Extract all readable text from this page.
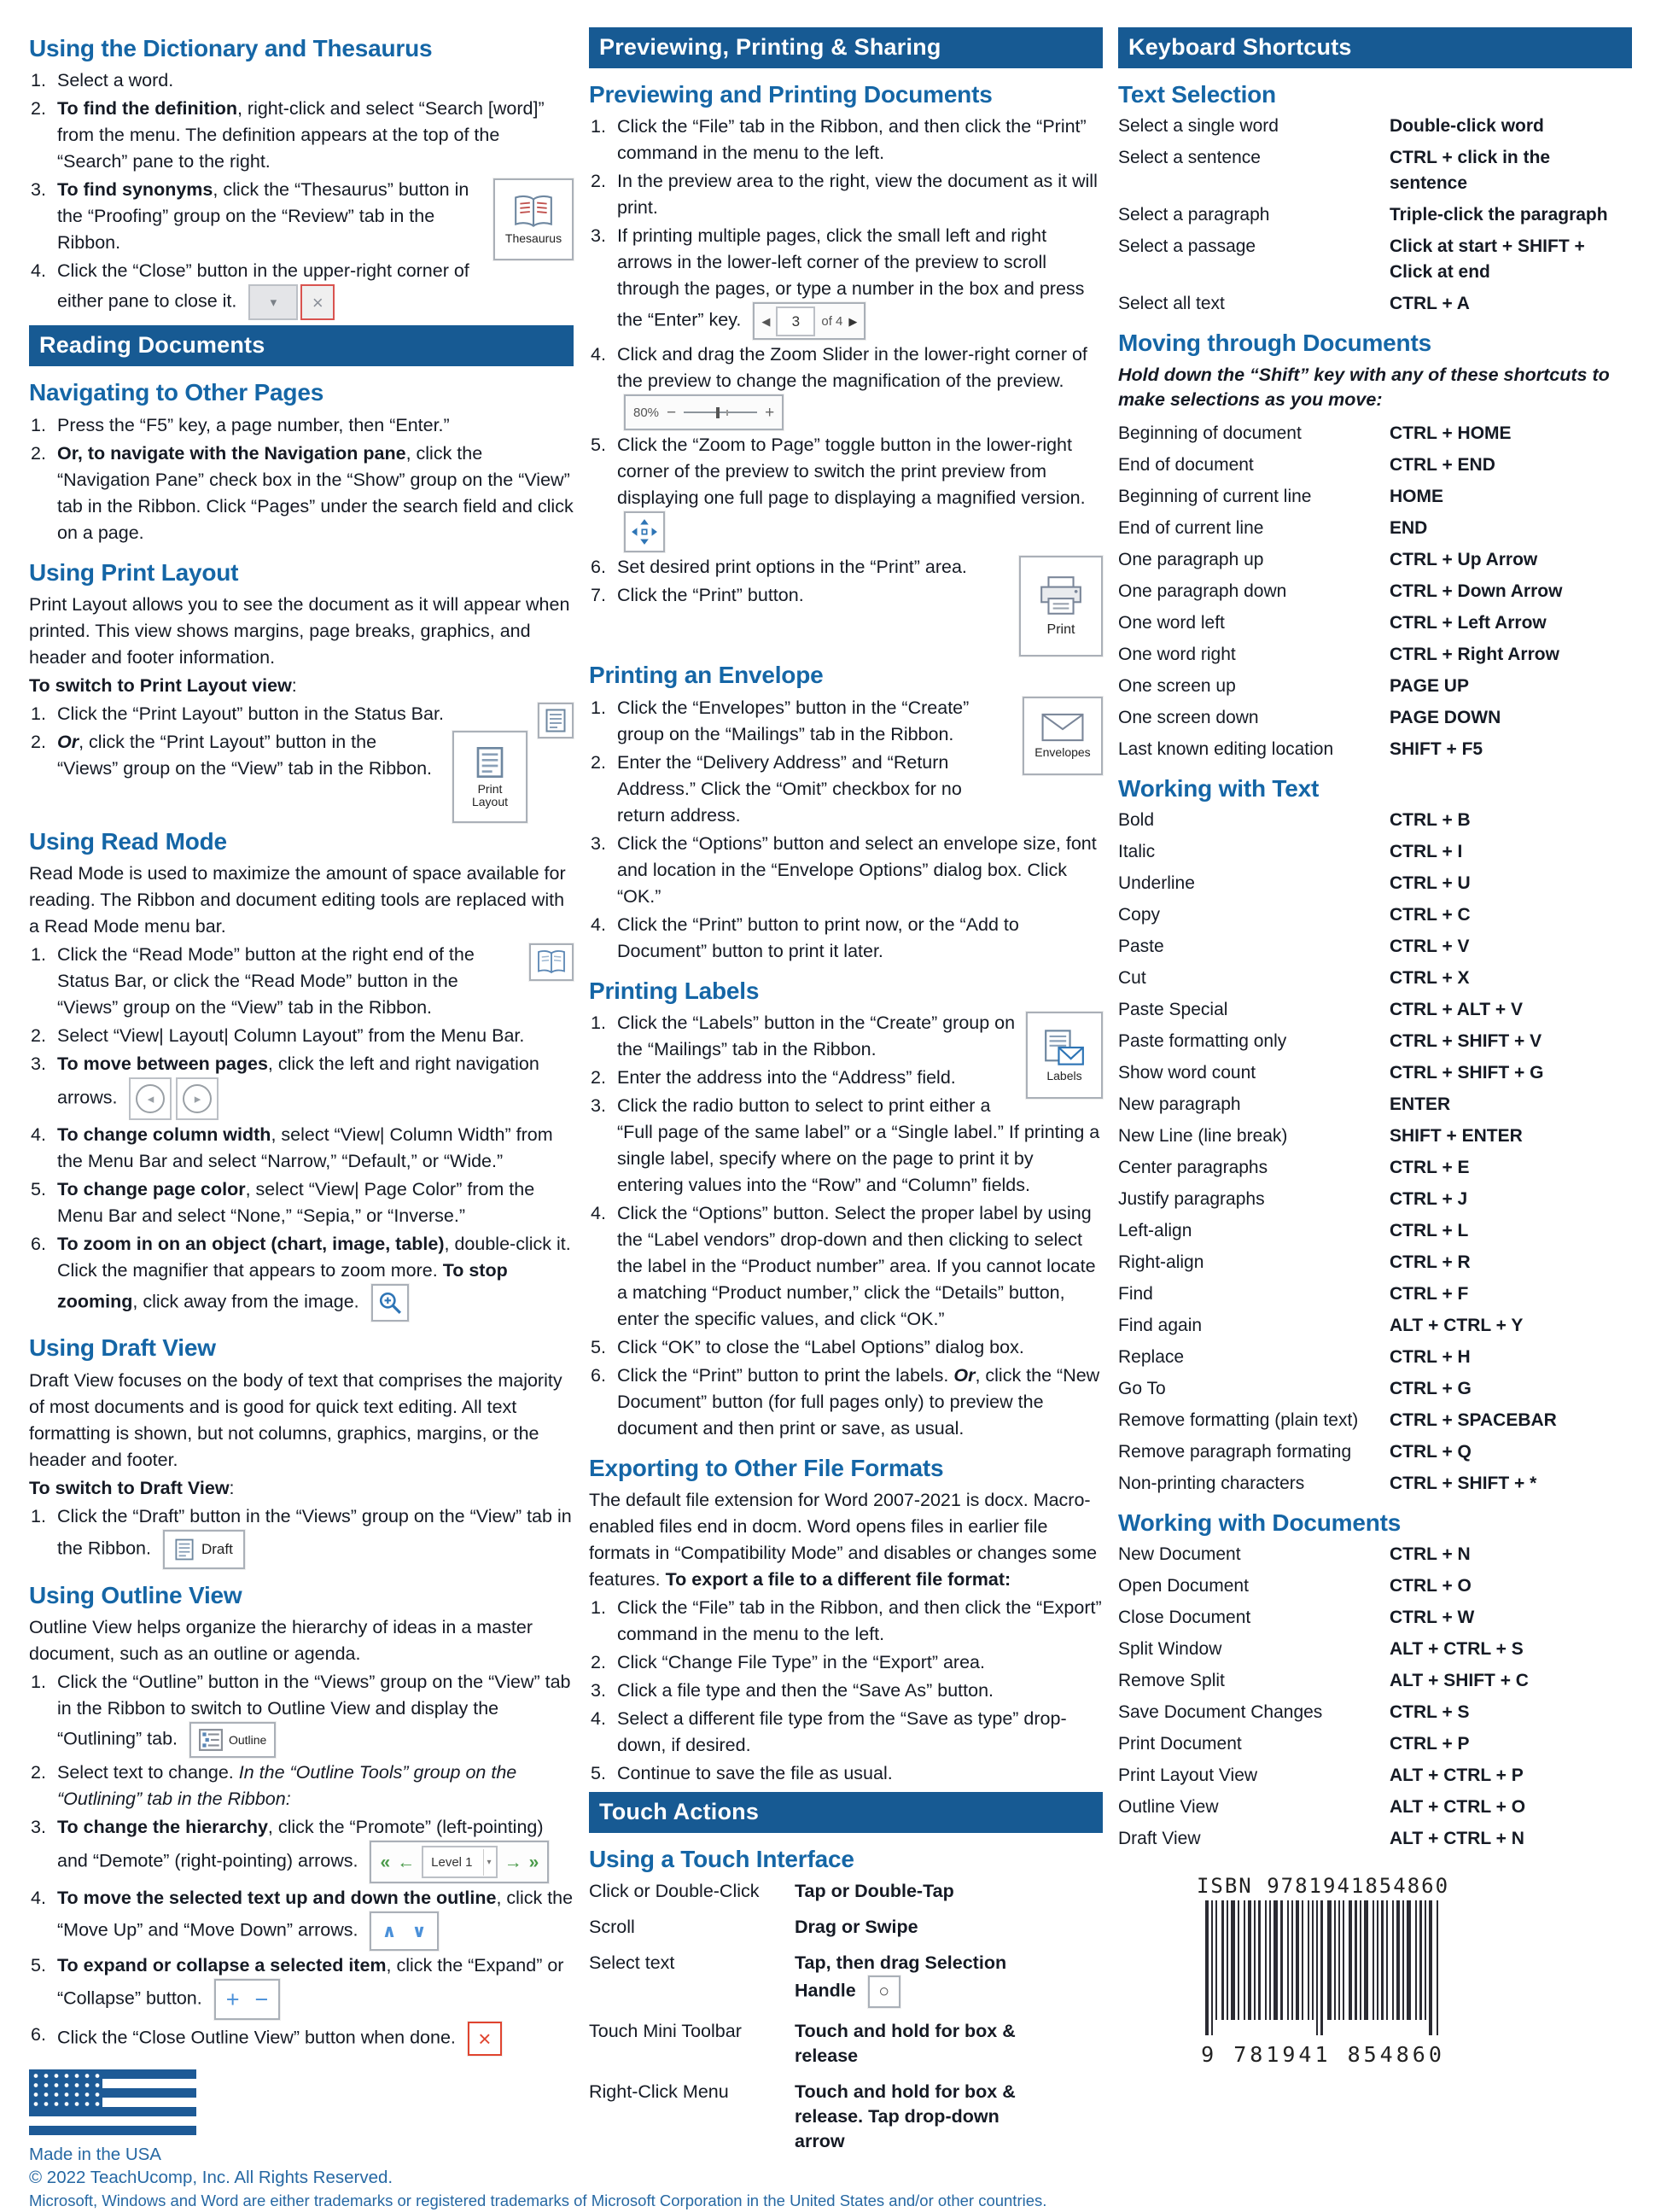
Using the Dictionary and Thesaurus
1. Select a word.
2. To find the definition, right-click and select “Search [word]” from the menu. The definition appears at the top of the “Search” pane to the right.
3.
Thesaurus
To find synonyms, click the “Thesaurus” button in the “Proofing” group on the “Review” tab in the Ribbon.
4. Click the “Close” button in the upper-right corner of either pane to close it.	▾	×
Reading Documents
Navigating to Other Pages
1. Press the “F5” key, a page number, then “Enter.”
2. Or, to navigate with the Navigation pane, click the “Navigation Pane” check box in the “Show” group on the “View” tab in the Ribbon. Click “Pages” under the search field and click on a page.
Using Print Layout
Print Layout allows you to see the document as it will appear when printed. This view shows margins, page breaks, graphics, and header and footer information.
To switch to Print Layout view:
1. Click the “Print Layout” button in the Status Bar.
2.
Print
Layout
Or, click the “Print Layout” button in the “Views” group on the “View” tab in the Ribbon.
Using Read Mode
Read Mode is used to maximize the amount of space available for reading. The Ribbon and document editing tools are replaced with a Read Mode menu bar.
1. Click the “Read Mode” button at the right end of the Status Bar, or click the “Read Mode” button in the “Views” group on the “View” tab in the Ribbon.
2. Select “View| Layout| Column Layout” from the Menu Bar.
3. To move between pages, click the left and right navigation arrows.	◂	▸
4. To change column width, select “View| Column Width” from the Menu Bar and select “Narrow,” “Default,” or “Wide.”
5. To change page color, select “View| Page Color” from the Menu Bar and select “None,” “Sepia,” or “Inverse.”
6. To zoom in on an object (chart, image, table), double-click it. Click the magnifier that appears to zoom more. To stop zooming, click away from the image.
Using Draft View
Draft View focuses on the body of text that comprises the majority of most documents and is good for quick text editing. All text formatting is shown, but not columns, graphics, margins, or the header and footer.
To switch to Draft View:
1. Click the “Draft” button in the “Views” group on the “View” tab in the Ribbon.	Draft
Using Outline View
Outline View helps organize the hierarchy of ideas in a master document, such as an outline or agenda.
1. Click the “Outline” button in the “Views” group on the “View” tab in the Ribbon to switch to Outline View and display the “Outlining” tab.	Outline
2. Select text to change. In the “Outline Tools” group on the “Outlining” tab in the Ribbon:
3. To change the hierarchy, click the “Promote” (left-pointing) and “Demote” (right-pointing) arrows. « ← Level 1	▾ → »
4. To move the selected text up and down the outline, click the “Move Up” and “Move Down” arrows. ∧ ∨
5. To expand or collapse a selected item, click the “Expand” or “Collapse” button. + −
6. Click the “Close Outline View” button when done. ×
Made in the USA
© 2022 TeachUcomp, Inc. All Rights Reserved.
Microsoft, Windows and Word are either trademarks or registered trademarks of Microsoft Corporation in the United States and/or other countries.
Previewing, Printing & Sharing
Previewing and Printing Documents
1. Click the “File” tab in the Ribbon, and then click the “Print” command in the menu to the left.
2. In the preview area to the right, view the document as it will print.
3. If printing multiple pages, click the small left and right arrows in the lower-left corner of the preview to scroll through the pages, or type a number in the box and press the “Enter” key. ◀	3	of 4 ▶
4. Click and drag the Zoom Slider in the lower-right corner of the preview to change the magnification of the preview.
80% −	+
5. Click the “Zoom to Page” toggle button in the lower-right corner of the preview to switch the print preview from displaying one full page to displaying a magnified version.
6.
Print
Set desired print options in the “Print” area.
7. Click the “Print” button.
Printing an Envelope
1.
Envelopes
Click the “Envelopes” button in the “Create” group on the “Mailings” tab in the Ribbon.
2. Enter the “Delivery Address” and “Return Address.” Click the “Omit” checkbox for no return address.
3. Click the “Options” button and select an envelope size, font and location in the “Envelope Options” dialog box. Click “OK.”
4. Click the “Print” button to print now, or the “Add to Document” button to print it later.
Printing Labels
1.
Labels
Click the “Labels” button in the “Create” group on the “Mailings” tab in the Ribbon.
2. Enter the address into the “Address” field.
3. Click the radio button to select to print either a “Full page of the same label” or a “Single label.” If printing a single label, specify where on the page to print it by entering values into the “Row” and “Column” fields.
4. Click the “Options” button. Select the proper label by using the “Label vendors” drop-down and then clicking to select the label in the “Product number” area. If you cannot locate a matching “Product number,” click the “Details” button, enter the specific values, and click “OK.”
5. Click “OK” to close the “Label Options” dialog box.
6. Click the “Print” button to print the labels. Or, click the “New Document” button (for full pages only) to preview the document and then print or save, as usual.
Exporting to Other File Formats
The default file extension for Word 2007-2021 is docx. Macro-enabled files end in docm. Word opens files in earlier file formats in “Compatibility Mode” and disables or changes some features. To export a file to a different file format:
1. Click the “File” tab in the Ribbon, and then click the “Export” command in the menu to the left.
2. Click “Change File Type” in the “Export” area.
3. Click a file type and then the “Save As” button.
4. Select a different file type from the “Save as type” drop-down, if desired.
5. Continue to save the file as usual.
Touch Actions
Using a Touch Interface
Click or Double-Click	Tap or Double-Tap
Scroll	Drag or Swipe
Select text	Tap, then drag Selection Handle ○
Touch Mini Toolbar	Touch and hold for box & release
Right-Click Menu	Touch and hold for box & release. Tap drop-down arrow
Keyboard Shortcuts
Text Selection
Select a single word	Double-click word
Select a sentence	CTRL + click in the sentence
Select a paragraph	Triple-click the paragraph
Select a passage	Click at start + SHIFT + Click at end
Select all text	CTRL + A
Moving through Documents
Hold down the “Shift” key with any of these shortcuts to make selections as you move:
Beginning of document	CTRL + HOME
End of document	CTRL + END
Beginning of current line	HOME
End of current line	END
One paragraph up	CTRL + Up Arrow
One paragraph down	CTRL + Down Arrow
One word left	CTRL + Left Arrow
One word right	CTRL + Right Arrow
One screen up	PAGE UP
One screen down	PAGE DOWN
Last known editing location	SHIFT + F5
Working with Text
Bold	CTRL + B
Italic	CTRL + I
Underline	CTRL + U
Copy	CTRL + C
Paste	CTRL + V
Cut	CTRL + X
Paste Special	CTRL + ALT + V
Paste formatting only	CTRL + SHIFT + V
Show word count	CTRL + SHIFT + G
New paragraph	ENTER
New Line (line break)	SHIFT + ENTER
Center paragraphs	CTRL + E
Justify paragraphs	CTRL + J
Left-align	CTRL + L
Right-align	CTRL + R
Find	CTRL + F
Find again	ALT + CTRL + Y
Replace	CTRL + H
Go To	CTRL + G
Remove formatting (plain text)	CTRL + SPACEBAR
Remove paragraph formating	CTRL + Q
Non-printing characters	CTRL + SHIFT + *
Working with Documents
New Document	CTRL + N
Open Document	CTRL + O
Close Document	CTRL + W
Split Window	ALT + CTRL + S
Remove Split	ALT + SHIFT + C
Save Document Changes	CTRL + S
Print Document	CTRL + P
Print Layout View	ALT + CTRL + P
Outline View	ALT + CTRL + O
Draft View	ALT + CTRL + N
ISBN 9781941854860
9 781941 854860
